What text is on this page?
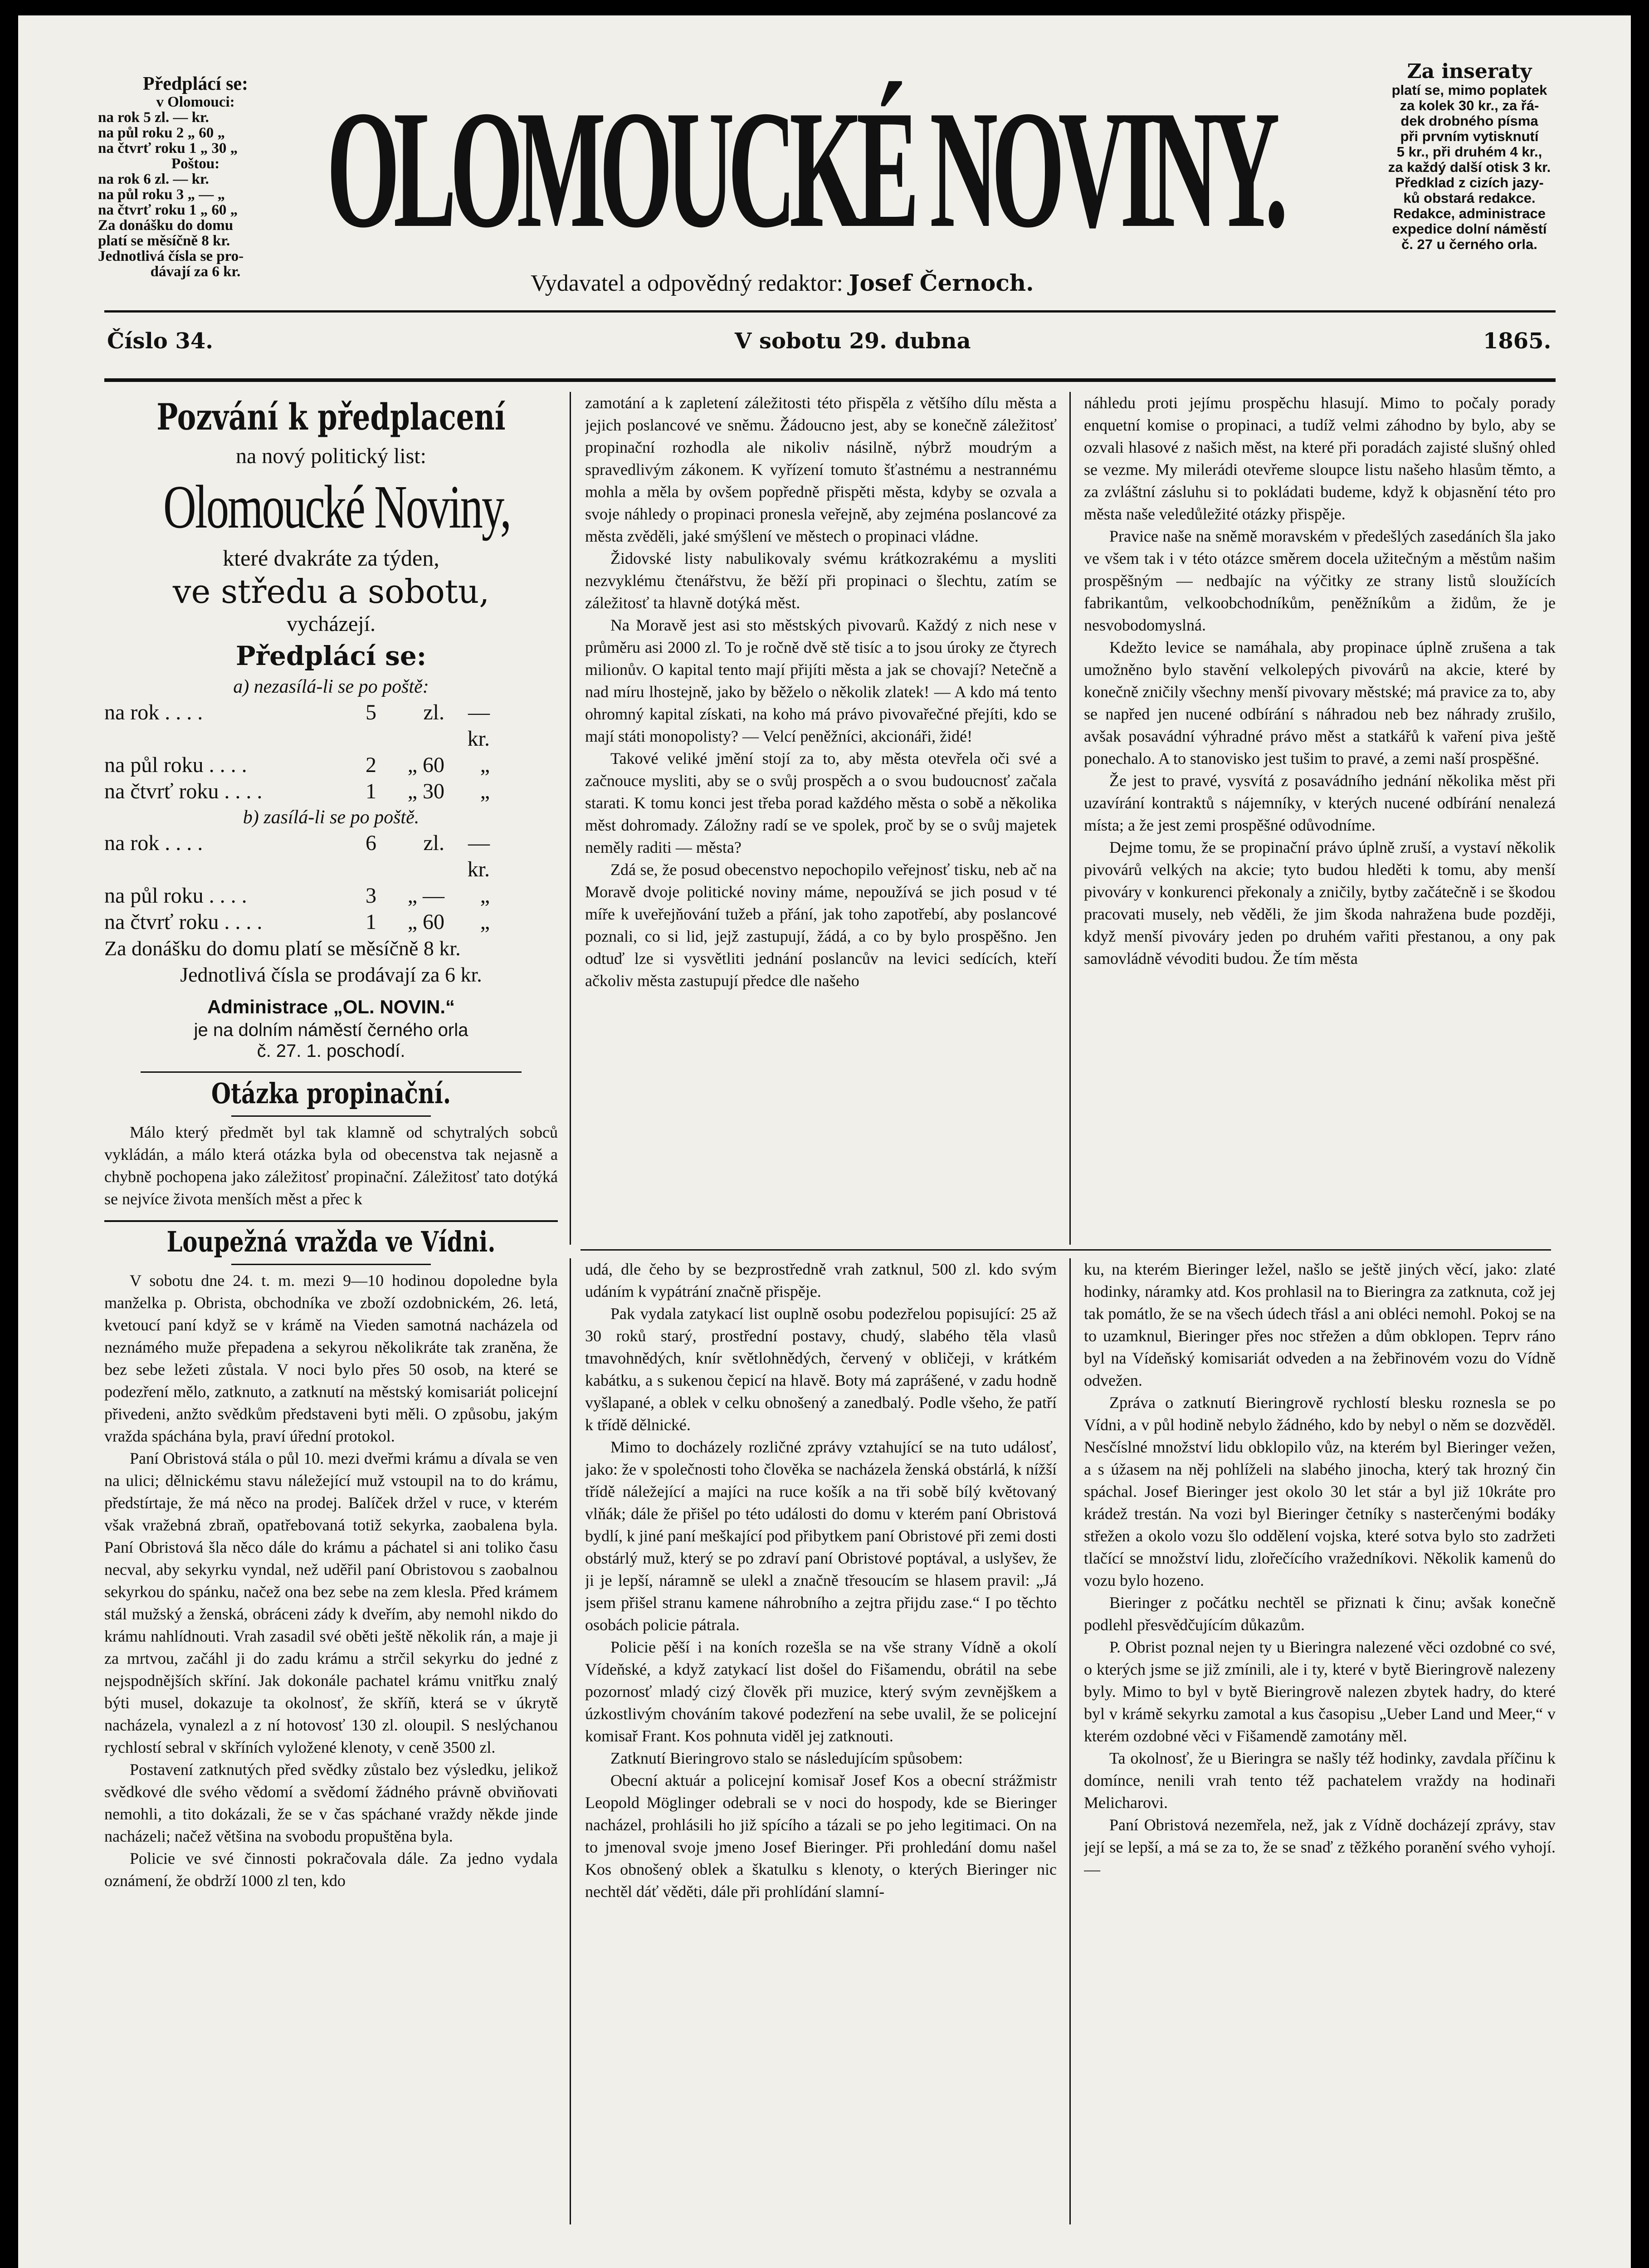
Předplácí se:
v Olomouci:
na rok 5 zl. — kr.
na půl roku 2 „ 60 „
na čtvrť roku 1 „ 30 „
Poštou:
na rok 6 zl. — kr.
na půl roku 3 „ — „
na čtvrť roku 1 „ 60 „
Za donášku do domu
platí se měsíčně 8 kr.
Jednotlivá čísla se pro-
dávají za 6 kr.
OLOMOUCKÉ NOVINY.
Vydavatel a odpovědný redaktor: Josef Černoch.
Za inseraty
platí se, mimo poplatek
za kolek 30 kr., za řá-
dek drobného písma
při prvním vytisknutí
5 kr., při druhém 4 kr.,
za každý další otisk 3 kr.
Předklad z cizích jazy-
ků obstará redakce.
Redakce, administrace
expedice dolní náměstí
č. 27 u černého orla.
Číslo 34.	V sobotu 29. dubna	1865.
Pozvání k předplacení
na nový politický list:
Olomoucké Noviny,
které dvakráte za týden,
ve středu a sobotu,
vycházejí.
Předplácí se:
a) nezasílá-li se po poště:
na rok . . . .	5	zl.	— kr.
na půl roku . . . .	2	„ 60	„
na čtvrť roku . . . .	1	„ 30	„
b) zasílá-li se po poště.
na rok . . . .	6	zl.	— kr.
na půl roku . . . .	3	„ —	„
na čtvrť roku . . . .	1	„ 60	„
Za donášku do domu platí se měsíčně 8 kr.
Jednotlivá čísla se prodávají za 6 kr.
Administrace „OL. NOVIN.“
je na dolním náměstí černého orla
č. 27. 1. poschodí.
Otázka propinační.

Málo který předmět byl tak klamně od schytralých sobců vykládán, a málo která otázka byla od obecenstva tak nejasně a chybně pochopena jako záležitosť propinační. Záležitosť tato dotýká se nejvíce života menších měst a přec k

Loupežná vražda ve Vídni.

V sobotu dne 24. t. m. mezi 9—10 hodinou dopoledne byla manželka p. Obrista, obchodníka ve zboží ozdobnickém, 26. letá, kvetoucí paní když se v krámě na Vieden samotná nacházela od neznámého muže přepadena a sekyrou několikráte tak zraněna, že bez sebe ležeti zůstala. V noci bylo přes 50 osob, na které se podezření mělo, zatknuto, a zatknutí na městský komisariát policejní přivedeni, anžto svědkům představeni byti měli. O způsobu, jakým vražda spáchána byla, praví úřední protokol.

Paní Obristová stála o půl 10. mezi dveřmi krámu a dívala se ven na ulici; dělnickému stavu náležející muž vstoupil na to do krámu, předstírtaje, že má něco na prodej. Balíček držel v ruce, v kterém však vražebná zbraň, opatřebovaná totiž sekyrka, zaobalena byla. Paní Obristová šla něco dále do krámu a páchatel si ani toliko času necval, aby sekyrku vyndal, než uděřil paní Obristovou s zaobalnou sekyrkou do spánku, načež ona bez sebe na zem klesla. Před krámem stál mužský a ženská, obráceni zády k dveřím, aby nemohl nikdo do krámu nahlídnouti. Vrah zasadil své oběti ještě několik rán, a maje ji za mrtvou, začáhl ji do zadu krámu a strčil sekyrku do jedné z nejspodnějších skříní. Jak dokonále pachatel krámu vnitřku znalý býti musel, dokazuje ta okolnosť, že skříň, která se v úkrytě nacházela, vynalezl a z ní hotovosť 130 zl. oloupil. S neslýchanou rychlostí sebral v skříních vyložené klenoty, v ceně 3500 zl.

Postavení zatknutých před svědky zůstalo bez výsledku, jelikož svědkové dle svého vědomí a svědomí žádného právně obviňovati nemohli, a tito dokázali, že se v čas spáchané vraždy někde jinde nacházeli; načež většina na svobodu propuštěna byla.

Policie ve své činnosti pokračovala dále. Za jedno vydala oznámení, že obdrží 1000 zl ten, kdo

zamotání a k zapletení záležitosti této přispěla z většího dílu města a jejich poslancové ve sněmu. Žádoucno jest, aby se konečně záležitosť propinační rozhodla ale nikoliv násilně, nýbrž moudrým a spravedlivým zákonem. K vyřízení tomuto šťastnému a nestrannému mohla a měla by ovšem popředně přispěti města, kdyby se ozvala a svoje náhledy o propinaci pronesla veřejně, aby zejména poslancové za města zvěděli, jaké smýšlení ve městech o propinaci vládne.

Židovské listy nabulikovaly svému krátkozrakému a mysliti nezvyklému čtenářstvu, že běží při propinaci o šlechtu, zatím se záležitosť ta hlavně dotýká měst.

Na Moravě jest asi sto městských pivovarů. Každý z nich nese v průměru asi 2000 zl. To je ročně dvě stě tisíc a to jsou úroky ze čtyrech milionův. O kapital tento mají přijíti města a jak se chovají? Netečně a nad míru lhostejně, jako by běželo o několik zlatek! — A kdo má tento ohromný kapital získati, na koho má právo pivovařečné přejíti, kdo se mají státi monopolisty? — Velcí peněžníci, akcionáři, židé!

Takové veliké jmění stojí za to, aby města otevřela oči své a začnouce mysliti, aby se o svůj prospěch a o svou budoucnosť začala starati. K tomu konci jest třeba porad každého města o sobě a několika měst dohromady. Záložny radí se ve spolek, proč by se o svůj majetek neměly raditi — města?

Zdá se, že posud obecenstvo nepochopilo veřejnosť tisku, neb ač na Moravě dvoje politické noviny máme, nepoužívá se jich posud v té míře k uveřejňování tužeb a přání, jak toho zapotřebí, aby poslancové poznali, co si lid, jejž zastupují, žádá, a co by bylo prospěšno. Jen odtuď lze si vysvětliti jednání poslancův na levici sedících, kteří ačkoliv města zastupují předce dle našeho

náhledu proti jejímu prospěchu hlasují. Mimo to počaly porady enquetní komise o propinaci, a tudíž velmi záhodno by bylo, aby se ozvali hlasové z našich měst, na které při poradách zajisté slušný ohled se vezme. My milerádi otevřeme sloupce listu našeho hlasům těmto, a za zvláštní zásluhu si to pokládati budeme, když k objasnění této pro města naše veledůležité otázky přispěje.

Pravice naše na sněmě moravském v předešlých zasedáních šla jako ve všem tak i v této otázce směrem docela užitečným a městům našim prospěšným — nedbajíc na výčitky ze strany listů sloužících fabrikantům, velkoobchodníkům, peněžníkům a židům, že je nesvobodomyslná.

Kdežto levice se namáhala, aby propinace úplně zrušena a tak umožněno bylo stavění velkolepých pivovárů na akcie, které by konečně zničily všechny menší pivovary městské; má pravice za to, aby se napřed jen nucené odbírání s náhradou neb bez náhrady zrušilo, avšak posavádní výhradné právo měst a statkářů k vaření piva ještě ponechalo. A to stanovisko jest tušim to pravé, a zemi naší prospěšné.

Že jest to pravé, vysvítá z posavádního jednání několika měst při uzavírání kontraktů s nájemníky, v kterých nucené odbírání nenalezá místa; a že jest zemi prospěšné odůvodníme.

Dejme tomu, že se propinační právo úplně zruší, a vystaví několik pivovárů velkých na akcie; tyto budou hleděti k tomu, aby menší pivováry v konkurenci překonaly a zničily, bytby začátečně i se škodou pracovati musely, neb věděli, že jim škoda nahražena bude později, když menší pivováry jeden po druhém vařiti přestanou, a ony pak samovládně vévoditi budou. Že tím města

udá, dle čeho by se bezprostředně vrah zatknul, 500 zl. kdo svým udáním k vypátrání značně přispěje.

Pak vydala zatykací list ouplně osobu podezřelou popisující: 25 až 30 roků starý, prostřední postavy, chudý, slabého těla vlasů tmavohnědých, knír světlohnědých, červený v obličeji, v krátkém kabátku, a s sukenou čepicí na hlavě. Boty má zaprášené, v zadu hodně vyšlapané, a oblek v celku obnošený a zanedbalý. Podle všeho, že patří k třídě dělnické.

Mimo to docházely rozličné zprávy vztahující se na tuto událosť, jako: že v společnosti toho člověka se nacházela ženská obstárlá, k nížší třídě náležející a majíci na ruce košík a na tři sobě bílý květovaný vlňák; dále že přišel po této události do domu v kterém paní Obristová bydlí, k jiné paní meškající pod přibytkem paní Obristové při zemi dosti obstárlý muž, který se po zdraví paní Obristové poptával, a uslyšev, že ji je lepší, náramně se ulekl a značně třesoucím se hlasem pravil: „Já jsem přišel stranu kamene náhrobního a zejtra přijdu zase.“ I po těchto osobách policie pátrala.

Policie pěší i na koních rozešla se na vše strany Vídně a okolí Vídeňské, a když zatykací list došel do Fišamendu, obrátil na sebe pozornosť mladý cizý člověk při muzice, který svým zevnějškem a úzkostlivým chováním takové podezření na sebe uvalil, že se policejní komisař Frant. Kos pohnuta viděl jej zatknouti.

Zatknutí Bieringrovo stalo se následujícím spůsobem:

Obecní aktuár a policejní komisař Josef Kos a obecní strážmistr Leopold Möglinger odebrali se v noci do hospody, kde se Bieringer nacházel, prohlásili ho již spícího a tázali se po jeho legitimaci. On na to jmenoval svoje jmeno Josef Bieringer. Při prohledání domu našel Kos obnošený oblek a škatulku s klenoty, o kterých Bieringer nic nechtěl dáť věděti, dále při prohlídání slamní-

ku, na kterém Bieringer ležel, našlo se ještě jiných věcí, jako: zlaté hodinky, náramky atd. Kos prohlasil na to Bieringra za zatknuta, což jej tak pomátlo, že se na všech údech třásl a ani obléci nemohl. Pokoj se na to uzamknul, Bieringer přes noc střežen a dům obklopen. Teprv ráno byl na Vídeňský komisariát odveden a na žebřinovém vozu do Vídně odvežen.

Zpráva o zatknutí Bieringrově rychlostí blesku roznesla se po Vídni, a v půl hodině nebylo žádného, kdo by nebyl o něm se dozvěděl. Nesčíslné množství lidu obklopilo vůz, na kterém byl Bieringer vežen, a s úžasem na něj pohlíželi na slabého jinocha, který tak hrozný čin spáchal. Josef Bieringer jest okolo 30 let stár a byl již 10kráte pro krádež trestán. Na vozi byl Bieringer četníky s nasterčenými bodáky střežen a okolo vozu šlo oddělení vojska, které sotva bylo sto zadržeti tlačící se množství lidu, zlořečícího vražedníkovi. Několik kamenů do vozu bylo hozeno.

Bieringer z počátku nechtěl se přiznati k činu; avšak konečně podlehl přesvědčujícím důkazům.

P. Obrist poznal nejen ty u Bieringra nalezené věci ozdobné co své, o kterých jsme se již zmínili, ale i ty, které v bytě Bieringrově nalezeny byly. Mimo to byl v bytě Bieringrově nalezen zbytek hadry, do které byl v krámě sekyrku zamotal a kus časopisu „Ueber Land und Meer,“ v kterém ozdobné věci v Fišamendě zamotány měl.

Ta okolnosť, že u Bieringra se našly též hodinky, zavdala příčinu k domínce, nenili vrah tento též pachatelem vraždy na hodinaři Melicharovi.

Paní Obristová nezemřela, než, jak z Vídně docházejí zprávy, stav její se lepší, a má se za to, že se snaď z těžkého poranění svého vyhojí. —
